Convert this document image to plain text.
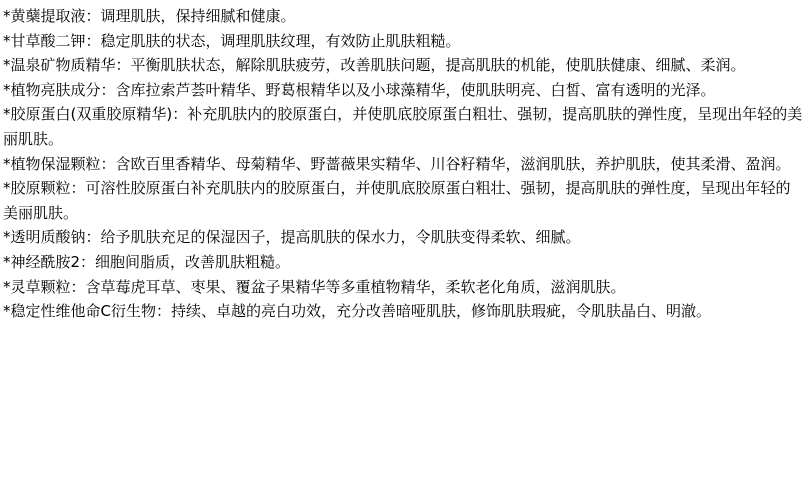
*黄蘖提取液：调理肌肤，保持细腻和健康。

*甘草酸二钾：稳定肌肤的状态，调理肌肤纹理，有效防止肌肤粗糙。

*温泉矿物质精华：平衡肌肤状态，解除肌肤疲劳，改善肌肤问题，提高肌肤的机能，使肌肤健康、细腻、柔润。

*植物亮肤成分：含库拉索芦荟叶精华、野葛根精华以及小球藻精华，使肌肤明亮、白皙、富有透明的光泽。

*胶原蛋白(双重胶原精华)：补充肌肤内的胶原蛋白，并使肌底胶原蛋白粗壮、强韧，提高肌肤的弹性度，呈现出年轻的美丽肌肤。

*植物保湿颗粒：含欧百里香精华、母菊精华、野蔷薇果实精华、川谷籽精华，滋润肌肤，养护肌肤，使其柔滑、盈润。

*胶原颗粒：可溶性胶原蛋白补充肌肤内的胶原蛋白，并使肌底胶原蛋白粗壮、强韧，提高肌肤的弹性度，呈现出年轻的美丽肌肤。

*透明质酸钠：给予肌肤充足的保湿因子，提高肌肤的保水力，令肌肤变得柔软、细腻。

*神经酰胺2：细胞间脂质，改善肌肤粗糙。

*灵草颗粒：含草莓虎耳草、枣果、覆盆子果精华等多重植物精华，柔软老化角质，滋润肌肤。

*稳定性维他命C衍生物：持续、卓越的亮白功效，充分改善暗哑肌肤，修饰肌肤瑕疵，令肌肤晶白、明澈。
